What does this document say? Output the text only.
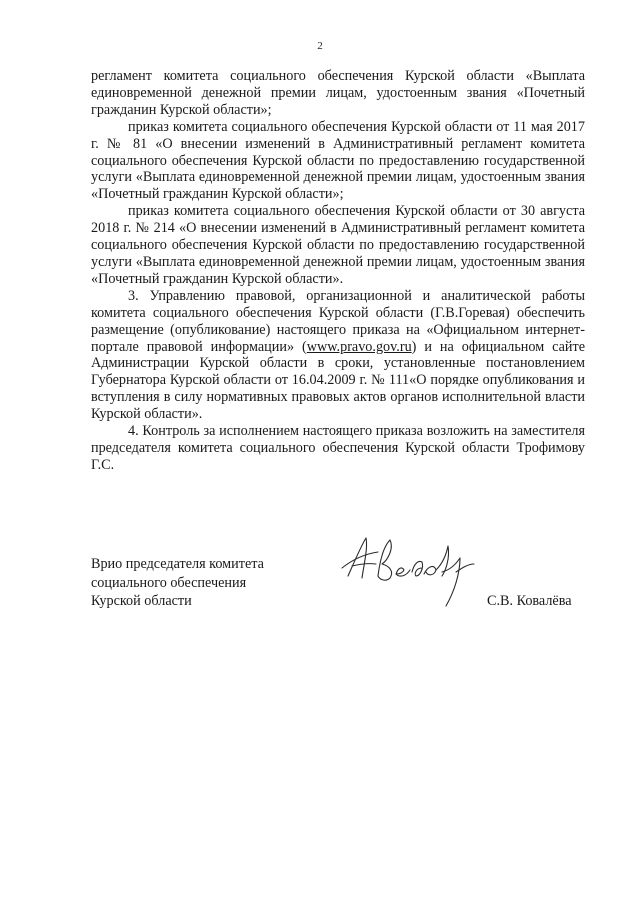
2

регламент комитета социального обеспечения Курской области «Выплата единовременной денежной премии лицам, удостоенным звания «Почетный гражданин Курской области»;

приказ комитета социального обеспечения Курской области от 11 мая 2017 г. № 81 «О внесении изменений в Административный регламент комитета социального обеспечения Курской области по предоставлению государственной услуги «Выплата единовременной денежной премии лицам, удостоенным звания «Почетный гражданин Курской области»;

приказ комитета социального обеспечения Курской области от 30 августа 2018 г. № 214 «О внесении изменений в Административный регламент комитета социального обеспечения Курской области по предоставлению государственной услуги «Выплата единовременной денежной премии лицам, удостоенным звания «Почетный гражданин Курской области».

3. Управлению правовой, организационной и аналитической работы комитета социального обеспечения Курской области (Г.В.Горевая) обеспечить размещение (опубликование) настоящего приказа на «Официальном интернет-портале правовой информации» (www.pravo.gov.ru) и на официальном сайте Администрации Курской области в сроки, установленные постановлением Губернатора Курской области от 16.04.2009 г. № 111«О порядке опубликования и вступления в силу нормативных правовых актов органов исполнительной власти Курской области».

4. Контроль за исполнением настоящего приказа возложить на заместителя председателя комитета социального обеспечения Курской области Трофимову Г.С.

Врио председателя комитета
социального обеспечения
Курской области	С.В. Ковалёва
